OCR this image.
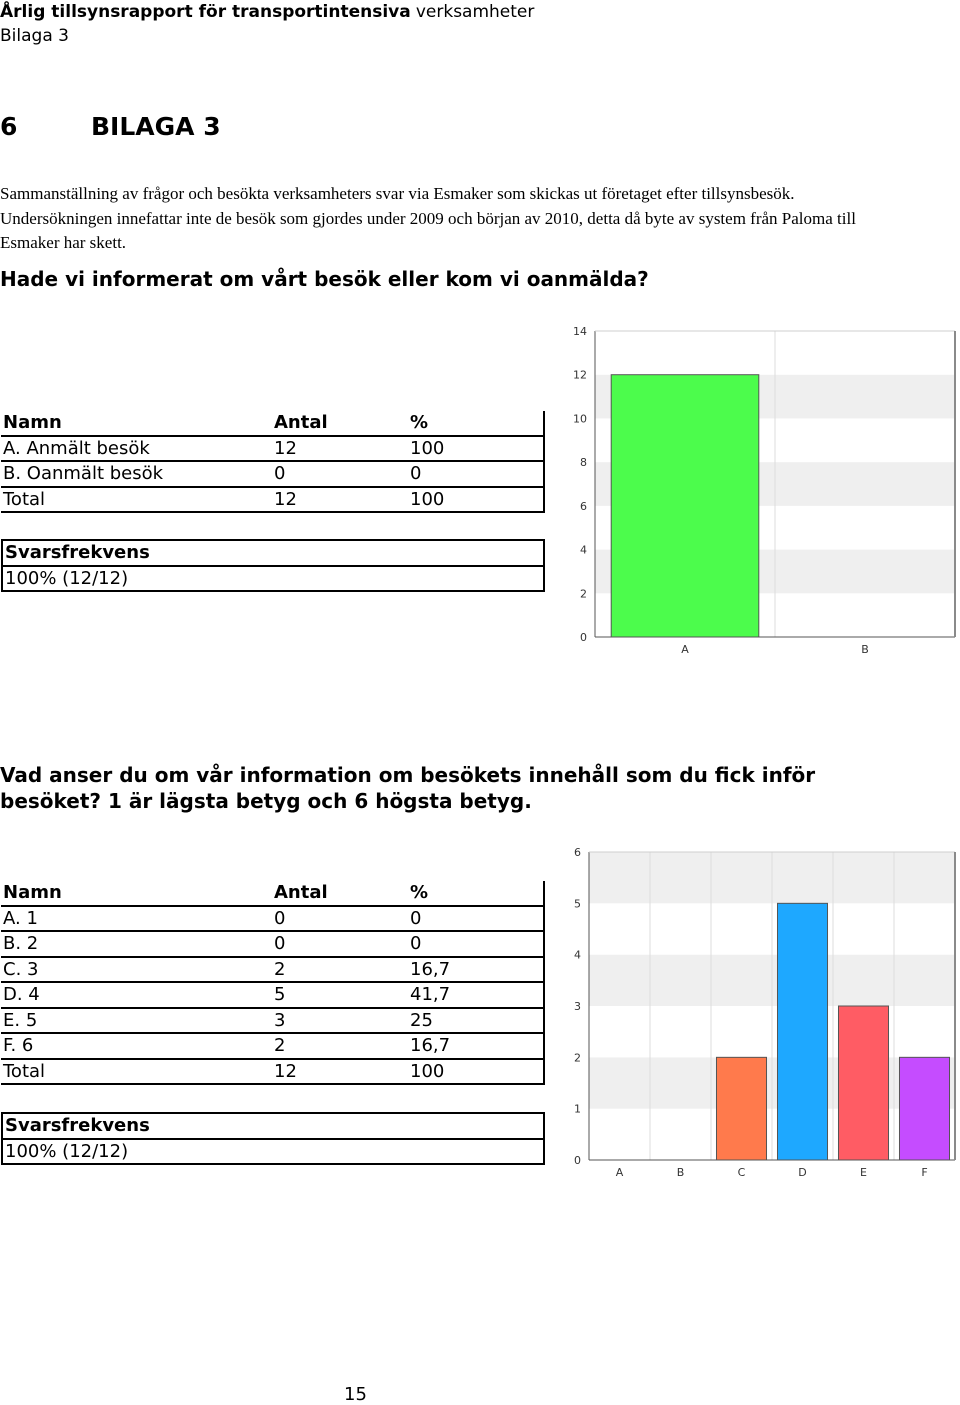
Årlig tillsynsrapport för transportintensiva verksamheter
Bilaga 3
6	BILAGA 3
Sammanställning av frågor och besökta verksamheters svar via Esmaker som skickas ut företaget efter tillsynsbesök. Undersökningen innefattar inte de besök som gjordes under 2009 och början av 2010, detta då byte av system från Paloma till Esmaker har skett.
Hade vi informerat om vårt besök eller kom vi oanmälda?
Namn	Antal	%
A. Anmält besök	12	100
B. Oanmält besök	0	0
Total	12	100
Svarsfrekvens
100% (12/12)
0
2
4
6
8
10
12
14
A	B
Vad anser du om vår information om besökets innehåll som du fick inför besöket? 1 är lägsta betyg och 6 högsta betyg.
Namn	Antal	%
A. 1	0	0
B. 2	0	0
C. 3	2	16,7
D. 4	5	41,7
E. 5	3	25
F. 6	2	16,7
Total	12	100
Svarsfrekvens
100% (12/12)	0
1
2
3
4
5
6
A	B	C	D	E	F
15
